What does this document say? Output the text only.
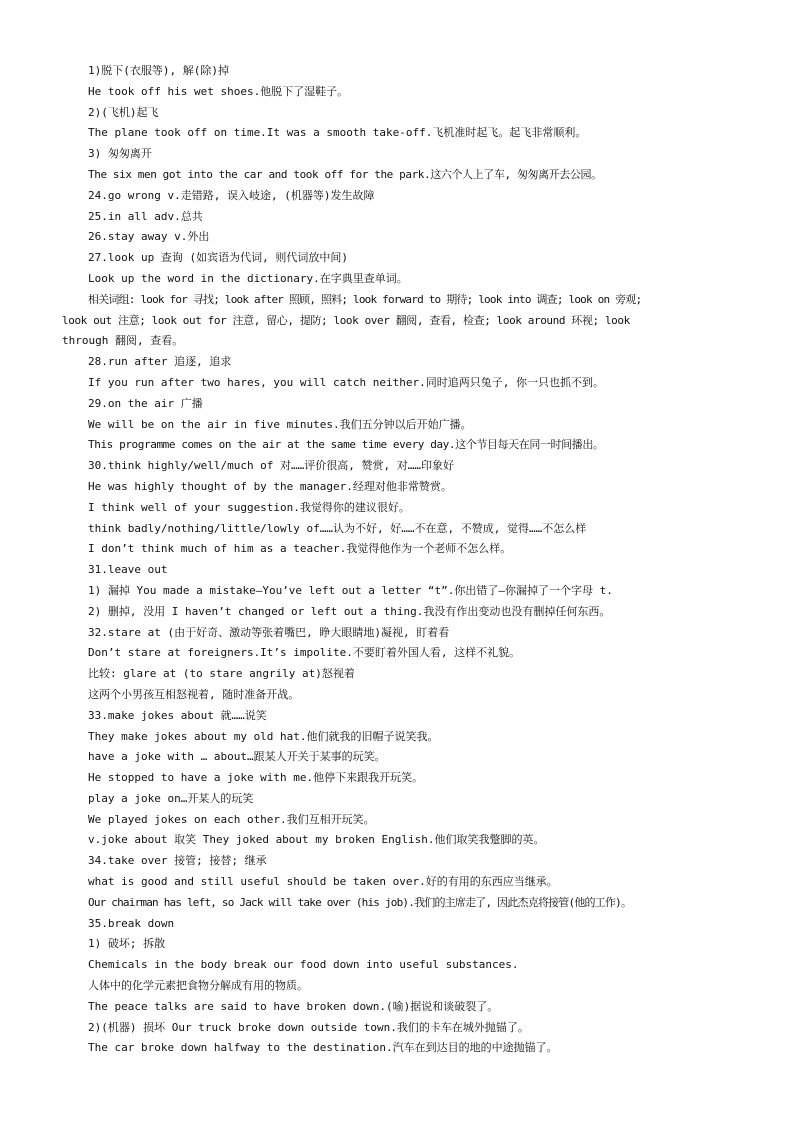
1)脱下(衣服等), 解(除)掉
He took off his wet shoes.他脱下了湿鞋子。
2)(飞机)起飞
The plane took off on time.It was a smooth take-off.飞机准时起飞。起飞非常顺利。
3) 匆匆离开
The six men got into the car and took off for the park.这六个人上了车, 匆匆离开去公园。
24.go wrong v.走错路, 误入岐途, (机器等)发生故障
25.in all adv.总共
26.stay away v.外出
27.look up 查询 (如宾语为代词, 则代词放中间)
Look up the word in the dictionary.在字典里查单词。
相关词组: look for 寻找; look after 照顾, 照料; look forward to 期待; look into 调查; look on 旁观;
look out 注意; look out for 注意, 留心, 提防; look over 翻阅, 查看, 检查; look around 环视; look
through 翻阅, 查看。
28.run after 追逐, 追求
If you run after two hares, you will catch neither.同时追两只兔子, 你一只也抓不到。
29.on the air 广播
We will be on the air in five minutes.我们五分钟以后开始广播。
This programme comes on the air at the same time every day.这个节目每天在同一时间播出。
30.think highly/well/much of 对……评价很高, 赞赏, 对……印象好
He was highly thought of by the manager.经理对他非常赞赏。
I think well of your suggestion.我觉得你的建议很好。
think badly/nothing/little/lowly of……认为不好, 好……不在意, 不赞成, 觉得……不怎么样
I don’t think much of him as a teacher.我觉得他作为一个老师不怎么样。
31.leave out
1) 漏掉 You made a mistake—You’ve left out a letter “t”.你出错了—你漏掉了一个字母 t.
2) 删掉, 没用 I haven’t changed or left out a thing.我没有作出变动也没有删掉任何东西。
32.stare at (由于好奇、激动等张着嘴巴, 睁大眼睛地)凝视, 盯着看
Don’t stare at foreigners.It’s impolite.不要盯着外国人看, 这样不礼貌。
比较: glare at (to stare angrily at)怒视着
这两个小男孩互相怒视着, 随时准备开战。
33.make jokes about 就……说笑
They make jokes about my old hat.他们就我的旧帽子说笑我。
have a joke with … about…跟某人开关于某事的玩笑。
He stopped to have a joke with me.他停下来跟我开玩笑。
play a joke on…开某人的玩笑
We played jokes on each other.我们互相开玩笑。
v.joke about 取笑 They joked about my broken English.他们取笑我蹩脚的英。
34.take over 接管; 接替; 继承
what is good and still useful should be taken over.好的有用的东西应当继承。
Our chairman has left, so Jack will take over (his job).我们的主席走了, 因此杰克将接管(他的工作)。
35.break down
1) 破坏; 拆散
Chemicals in the body break our food down into useful substances.
人体中的化学元素把食物分解成有用的物质。
The peace talks are said to have broken down.(喻)据说和谈破裂了。
2)(机器) 损坏 Our truck broke down outside town.我们的卡车在城外抛锚了。
The car broke down halfway to the destination.汽车在到达目的地的中途抛锚了。
